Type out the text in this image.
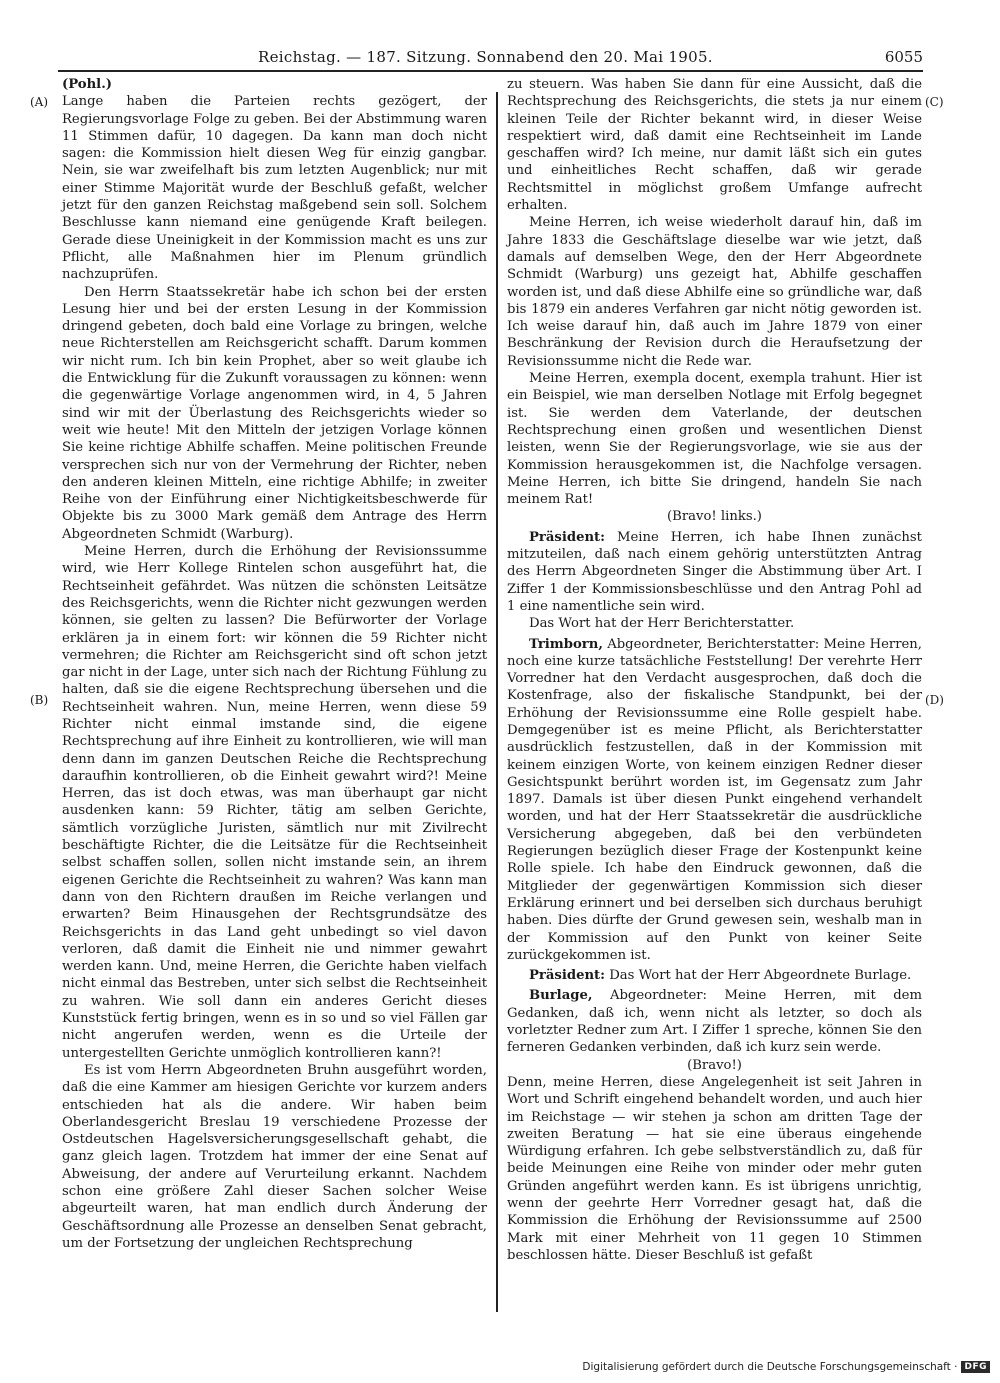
Reichstag. — 187. Sitzung. Sonnabend den 20. Mai 1905.	6055
(A)
(B)
(C)
(D)

(Pohl.)

Lange haben die Parteien rechts gezögert, der Regierungsvorlage Folge zu geben. Bei der Abstimmung waren 11 Stimmen dafür, 10 dagegen. Da kann man doch nicht sagen: die Kommission hielt diesen Weg für einzig gangbar. Nein, sie war zweifelhaft bis zum letzten Augenblick; nur mit einer Stimme Majorität wurde der Beschluß gefaßt, welcher jetzt für den ganzen Reichstag maßgebend sein soll. Solchem Beschlusse kann niemand eine genügende Kraft beilegen. Gerade diese Uneinigkeit in der Kommission macht es uns zur Pflicht, alle Maßnahmen hier im Plenum gründlich nachzuprüfen.

Den Herrn Staatssekretär habe ich schon bei der ersten Lesung hier und bei der ersten Lesung in der Kommission dringend gebeten, doch bald eine Vorlage zu bringen, welche neue Richterstellen am Reichsgericht schafft. Darum kommen wir nicht rum. Ich bin kein Prophet, aber so weit glaube ich die Entwicklung für die Zukunft voraussagen zu können: wenn die gegenwärtige Vorlage angenommen wird, in 4, 5 Jahren sind wir mit der Überlastung des Reichsgerichts wieder so weit wie heute! Mit den Mitteln der jetzigen Vorlage können Sie keine richtige Abhilfe schaffen. Meine politischen Freunde versprechen sich nur von der Vermehrung der Richter, neben den anderen kleinen Mitteln, eine richtige Abhilfe; in zweiter Reihe von der Einführung einer Nichtigkeitsbeschwerde für Objekte bis zu 3000 Mark gemäß dem Antrage des Herrn Abgeordneten Schmidt (Warburg).

Meine Herren, durch die Erhöhung der Revisionssumme wird, wie Herr Kollege Rintelen schon ausgeführt hat, die Rechtseinheit gefährdet. Was nützen die schönsten Leitsätze des Reichsgerichts, wenn die Richter nicht gezwungen werden können, sie gelten zu lassen? Die Befürworter der Vorlage erklären ja in einem fort: wir können die 59 Richter nicht vermehren; die Richter am Reichsgericht sind oft schon jetzt gar nicht in der Lage, unter sich nach der Richtung Fühlung zu halten, daß sie die eigene Rechtsprechung übersehen und die Rechtseinheit wahren. Nun, meine Herren, wenn diese 59 Richter nicht einmal imstande sind, die eigene Rechtsprechung auf ihre Einheit zu kontrollieren, wie will man denn dann im ganzen Deutschen Reiche die Rechtsprechung daraufhin kontrollieren, ob die Einheit gewahrt wird?! Meine Herren, das ist doch etwas, was man überhaupt gar nicht ausdenken kann: 59 Richter, tätig am selben Gerichte, sämtlich vorzügliche Juristen, sämtlich nur mit Zivilrecht beschäftigte Richter, die die Leitsätze für die Rechtseinheit selbst schaffen sollen, sollen nicht imstande sein, an ihrem eigenen Gerichte die Rechtseinheit zu wahren? Was kann man dann von den Richtern draußen im Reiche verlangen und erwarten? Beim Hinausgehen der Rechtsgrundsätze des Reichsgerichts in das Land geht unbedingt so viel davon verloren, daß damit die Einheit nie und nimmer gewahrt werden kann. Und, meine Herren, die Gerichte haben vielfach nicht einmal das Bestreben, unter sich selbst die Rechtseinheit zu wahren. Wie soll dann ein anderes Gericht dieses Kunststück fertig bringen, wenn es in so und so viel Fällen gar nicht angerufen werden, wenn es die Urteile der untergestellten Gerichte unmöglich kontrollieren kann?!

Es ist vom Herrn Abgeordneten Bruhn ausgeführt worden, daß die eine Kammer am hiesigen Gerichte vor kurzem anders entschieden hat als die andere. Wir haben beim Oberlandesgericht Breslau 19 verschiedene Prozesse der Ostdeutschen Hagelsversicherungsgesellschaft gehabt, die ganz gleich lagen. Trotzdem hat immer der eine Senat auf Abweisung, der andere auf Verurteilung erkannt. Nachdem schon eine größere Zahl dieser Sachen solcher Weise abgeurteilt waren, hat man endlich durch Änderung der Geschäftsordnung alle Prozesse an denselben Senat gebracht, um der Fortsetzung der ungleichen Rechtsprechung

zu steuern. Was haben Sie dann für eine Aussicht, daß die Rechtsprechung des Reichsgerichts, die stets ja nur einem kleinen Teile der Richter bekannt wird, in dieser Weise respektiert wird, daß damit eine Rechtseinheit im Lande geschaffen wird? Ich meine, nur damit läßt sich ein gutes und einheitliches Recht schaffen, daß wir gerade Rechtsmittel in möglichst großem Umfange aufrecht erhalten.

Meine Herren, ich weise wiederholt darauf hin, daß im Jahre 1833 die Geschäftslage dieselbe war wie jetzt, daß damals auf demselben Wege, den der Herr Abgeordnete Schmidt (Warburg) uns gezeigt hat, Abhilfe geschaffen worden ist, und daß diese Abhilfe eine so gründliche war, daß bis 1879 ein anderes Verfahren gar nicht nötig geworden ist. Ich weise darauf hin, daß auch im Jahre 1879 von einer Beschränkung der Revision durch die Heraufsetzung der Revisionssumme nicht die Rede war.

Meine Herren, exempla docent, exempla trahunt. Hier ist ein Beispiel, wie man derselben Notlage mit Erfolg begegnet ist. Sie werden dem Vaterlande, der deutschen Rechtsprechung einen großen und wesentlichen Dienst leisten, wenn Sie der Regierungsvorlage, wie sie aus der Kommission herausgekommen ist, die Nachfolge versagen. Meine Herren, ich bitte Sie dringend, handeln Sie nach meinem Rat!

(Bravo! links.)

Präsident: Meine Herren, ich habe Ihnen zunächst mitzuteilen, daß nach einem gehörig unterstützten Antrag des Herrn Abgeordneten Singer die Abstimmung über Art. I Ziffer 1 der Kommissionsbeschlüsse und den Antrag Pohl ad 1 eine namentliche sein wird.

Das Wort hat der Herr Berichterstatter.

Trimborn, Abgeordneter, Berichterstatter: Meine Herren, noch eine kurze tatsächliche Feststellung! Der verehrte Herr Vorredner hat den Verdacht ausgesprochen, daß doch die Kostenfrage, also der fiskalische Standpunkt, bei der Erhöhung der Revisionssumme eine Rolle gespielt habe. Demgegenüber ist es meine Pflicht, als Berichterstatter ausdrücklich festzustellen, daß in der Kommission mit keinem einzigen Worte, von keinem einzigen Redner dieser Gesichtspunkt berührt worden ist, im Gegensatz zum Jahr 1897. Damals ist über diesen Punkt eingehend verhandelt worden, und hat der Herr Staatssekretär die ausdrückliche Versicherung abgegeben, daß bei den verbündeten Regierungen bezüglich dieser Frage der Kostenpunkt keine Rolle spiele. Ich habe den Eindruck gewonnen, daß die Mitglieder der gegenwärtigen Kommission sich dieser Erklärung erinnert und bei derselben sich durchaus beruhigt haben. Dies dürfte der Grund gewesen sein, weshalb man in der Kommission auf den Punkt von keiner Seite zurückgekommen ist.

Präsident: Das Wort hat der Herr Abgeordnete Burlage.

Burlage, Abgeordneter: Meine Herren, mit dem Gedanken, daß ich, wenn nicht als letzter, so doch als vorletzter Redner zum Art. I Ziffer 1 spreche, können Sie den ferneren Gedanken verbinden, daß ich kurz sein werde.

(Bravo!)

Denn, meine Herren, diese Angelegenheit ist seit Jahren in Wort und Schrift eingehend behandelt worden, und auch hier im Reichstage — wir stehen ja schon am dritten Tage der zweiten Beratung — hat sie eine überaus eingehende Würdigung erfahren. Ich gebe selbstverständlich zu, daß für beide Meinungen eine Reihe von minder oder mehr guten Gründen angeführt werden kann. Es ist übrigens unrichtig, wenn der geehrte Herr Vorredner gesagt hat, daß die Kommission die Erhöhung der Revisionssumme auf 2500 Mark mit einer Mehrheit von 11 gegen 10 Stimmen beschlossen hätte. Dieser Beschluß ist gefaßt

Digitalisierung gefördert durch die Deutsche Forschungsgemeinschaft · DFG
